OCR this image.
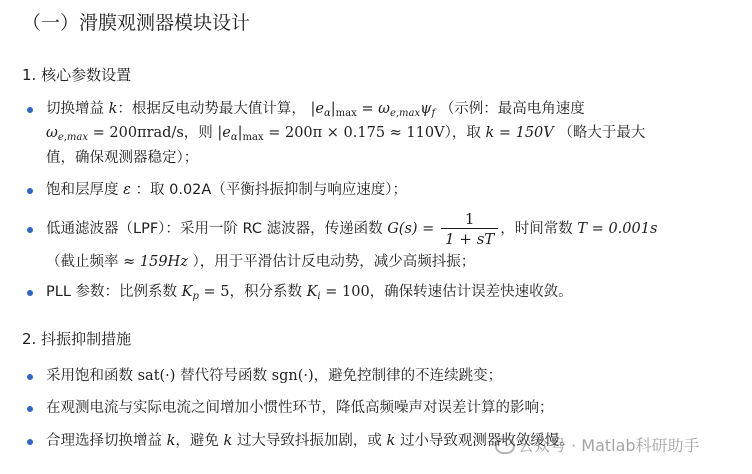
（一）滑膜观测器模块设计
1. 核心参数设置
切换增益 k：根据反电动势最大值计算， $|e_\alpha|_{max} = \omega_{e,max}\psi_f$ （示例：最高电角速度
$\omega_{e,max} = 200\pi rad/s$，则 $|e_\alpha|_{max} = 200\pi \times 0.175 \approx 110V$），取 k = 150V （略大于最大
值，确保观测器稳定）；
饱和层厚度 ε ：取 0.02A（平衡抖振抑制与响应速度）；
低通滤波器（LPF）：采用一阶 RC 滤波器，传递函数 $G(s) = \frac{1}{1 + sT}$ ，时间常数 T = 0.001s
（截止频率 ≈ 159Hz ），用于平滑估计反电动势，减少高频抖振；
PLL 参数：比例系数 $K_p = 5$，积分系数 $K_i = 100$，确保转速估计误差快速收敛。
2. 抖振抑制措施
采用饱和函数 sat(·) 替代符号函数 sgn(·)，避免控制律的不连续跳变；
在观测电流与实际电流之间增加小惯性环节，降低高频噪声对误差计算的影响；
合理选择切换增益 k，避免 k 过大导致抖振加剧，或 k 过小导致观测器收敛缓慢。
公众号 · Matlab科研助手
